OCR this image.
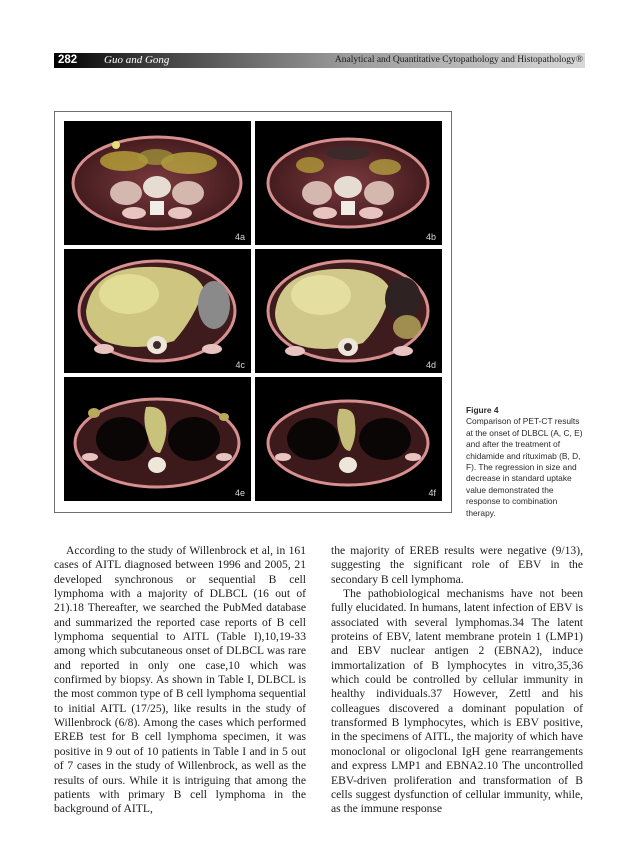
282 Guo and Gong	Analytical and Quantitative Cytopathology and Histopathology®
4a	4b
4c	4d
4e	4f
Figure 4
Comparison of PET-CT results at the onset of DLBCL (A, C, E) and after the treatment of chidamide and rituximab (B, D, F). The regression in size and decrease in standard uptake value demonstrated the response to combination therapy.

According to the study of Willenbrock et al, in 161 cases of AITL diagnosed between 1996 and 2005, 21 developed synchronous or sequential B cell lymphoma with a majority of DLBCL (16 out of 21).18 Thereafter, we searched the PubMed database and summarized the reported case reports of B cell lymphoma sequential to AITL (Table I),10,19-33 among which subcutaneous onset of DLBCL was rare and reported in only one case,10 which was confirmed by biopsy. As shown in Table I, DLBCL is the most common type of B cell lymphoma sequential to initial AITL (17/25), like results in the study of Willenbrock (6/8). Among the cases which performed EREB test for B cell lymphoma specimen, it was positive in 9 out of 10 patients in Table I and in 5 out of 7 cases in the study of Willenbrock, as well as the results of ours. While it is intriguing that among the patients with primary B cell lymphoma in the background of AITL,

the majority of EREB results were negative (9/13), suggesting the significant role of EBV in the secondary B cell lymphoma.

The pathobiological mechanisms have not been fully elucidated. In humans, latent infection of EBV is associated with several lymphomas.34 The latent proteins of EBV, latent membrane protein 1 (LMP1) and EBV nuclear antigen 2 (EBNA2), induce immortalization of B lymphocytes in vitro,35,36 which could be controlled by cellular immunity in healthy individuals.37 However, Zettl and his colleagues discovered a dominant population of transformed B lymphocytes, which is EBV positive, in the specimens of AITL, the majority of which have monoclonal or oligoclonal IgH gene rearrangements and express LMP1 and EBNA2.10 The uncontrolled EBV-driven proliferation and transformation of B cells suggest dysfunction of cellular immunity, while, as the immune response
